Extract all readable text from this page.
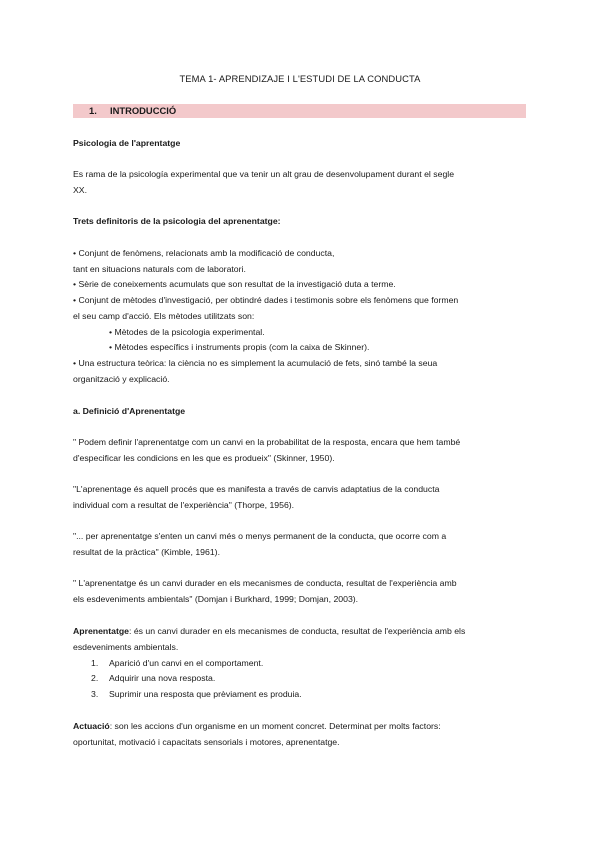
TEMA 1- APRENDIZAJE I L'ESTUDI DE LA CONDUCTA
1. INTRODUCCIÓ
Psicologia de l'aprentatge
Es rama de la psicología experimental que va tenir un alt grau de desenvolupament durant el segle
XX.
Trets definitoris de la psicologia del aprenentatge:
• Conjunt de fenòmens, relacionats amb la modificació de conducta,
tant en situacions naturals com de laboratori.
• Sèrie de coneixements acumulats que son resultat de la investigació duta a terme.
• Conjunt de mètodes d'investigació, per obtindré dades i testimonis sobre els fenòmens que formen
el seu camp d'acció. Els mètodes utilitzats son:
• Mètodes de la psicologia experimental.
• Mètodes específics i instruments propis (com la caixa de Skinner).
• Una estructura teòrica: la ciència no es simplement la acumulació de fets, sinó també la seua
organització y explicació.
a. Definició d'Aprenentatge
" Podem definir l'aprenentatge com un canvi en la probabilitat de la resposta, encara que hem també
d'especificar les condicions en les que es produeix" (Skinner, 1950).
"L'aprenentage és aquell procés que es manifesta a través de canvis adaptatius de la conducta
individual com a resultat de l'experiència" (Thorpe, 1956).
"... per aprenentatge s'enten un canvi més o menys permanent de la conducta, que ocorre com a
resultat de la pràctica" (Kimble, 1961).
" L'aprenentatge és un canvi durader en els mecanismes de conducta, resultat de l'experiència amb
els esdeveniments ambientals" (Domjan i Burkhard, 1999; Domjan, 2003).
Aprenentatge: és un canvi durader en els mecanismes de conducta, resultat de l'experiència amb els
esdeveniments ambientals.
1. Aparició d'un canvi en el comportament.
2. Adquirir una nova resposta.
3. Suprimir una resposta que prèviament es produia.
Actuació: son les accions d'un organisme en un moment concret. Determinat per molts factors:
oportunitat, motivació i capacitats sensorials i motores, aprenentatge.
